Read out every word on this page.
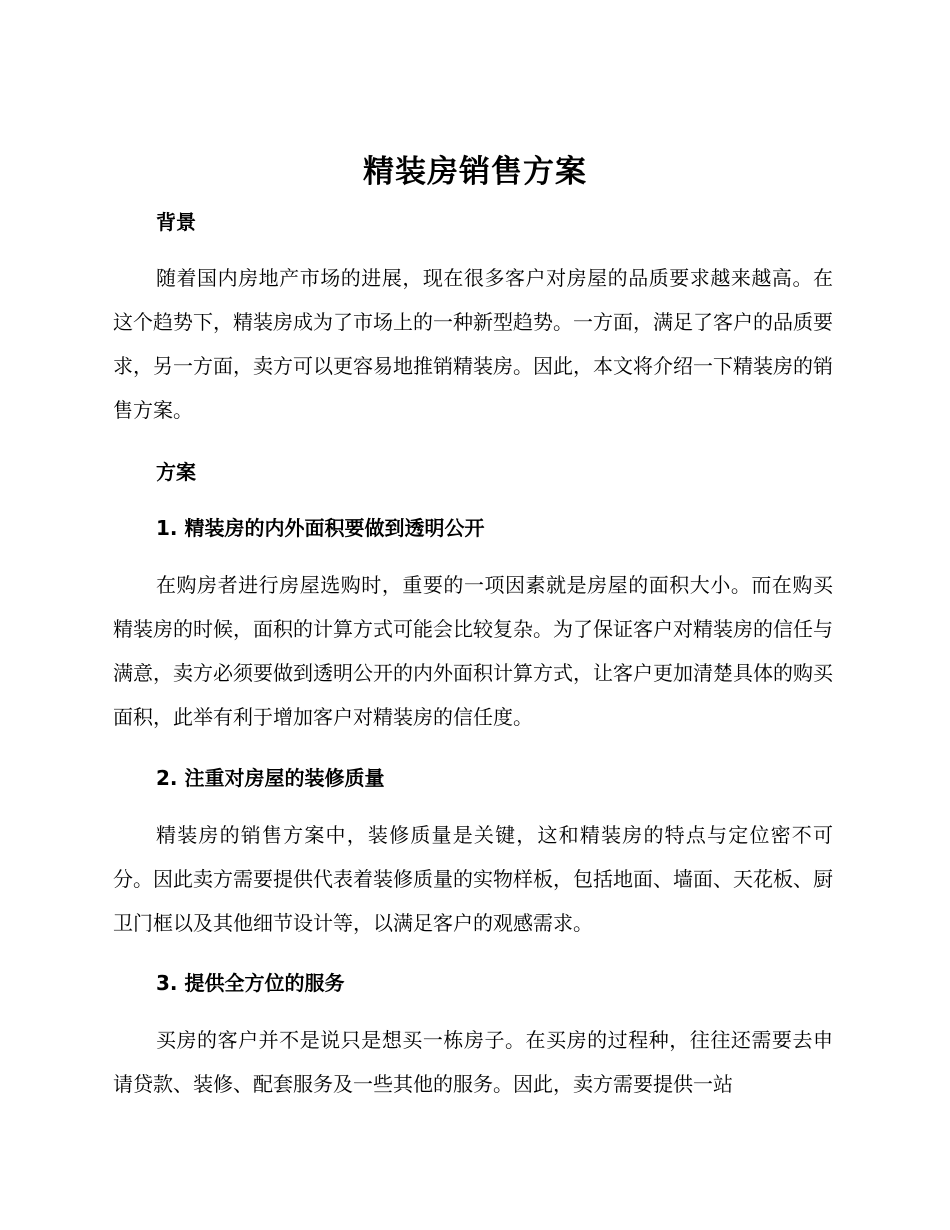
精装房销售方案
背景

随着国内房地产市场的进展，现在很多客户对房屋的品质要求越来越高。在这个趋势下，精装房成为了市场上的一种新型趋势。一方面，满足了客户的品质要求，另一方面，卖方可以更容易地推销精装房。因此，本文将介绍一下精装房的销售方案。

方案
1. 精装房的内外面积要做到透明公开

在购房者进行房屋选购时，重要的一项因素就是房屋的面积大小。而在购买精装房的时候，面积的计算方式可能会比较复杂。为了保证客户对精装房的信任与满意，卖方必须要做到透明公开的内外面积计算方式，让客户更加清楚具体的购买面积，此举有利于增加客户对精装房的信任度。

2. 注重对房屋的装修质量

精装房的销售方案中，装修质量是关键，这和精装房的特点与定位密不可分。因此卖方需要提供代表着装修质量的实物样板，包括地面、墙面、天花板、厨卫门框以及其他细节设计等，以满足客户的观感需求。

3. 提供全方位的服务

买房的客户并不是说只是想买一栋房子。在买房的过程种，往往还需要去申请贷款、装修、配套服务及一些其他的服务。因此，卖方需要提供一站
